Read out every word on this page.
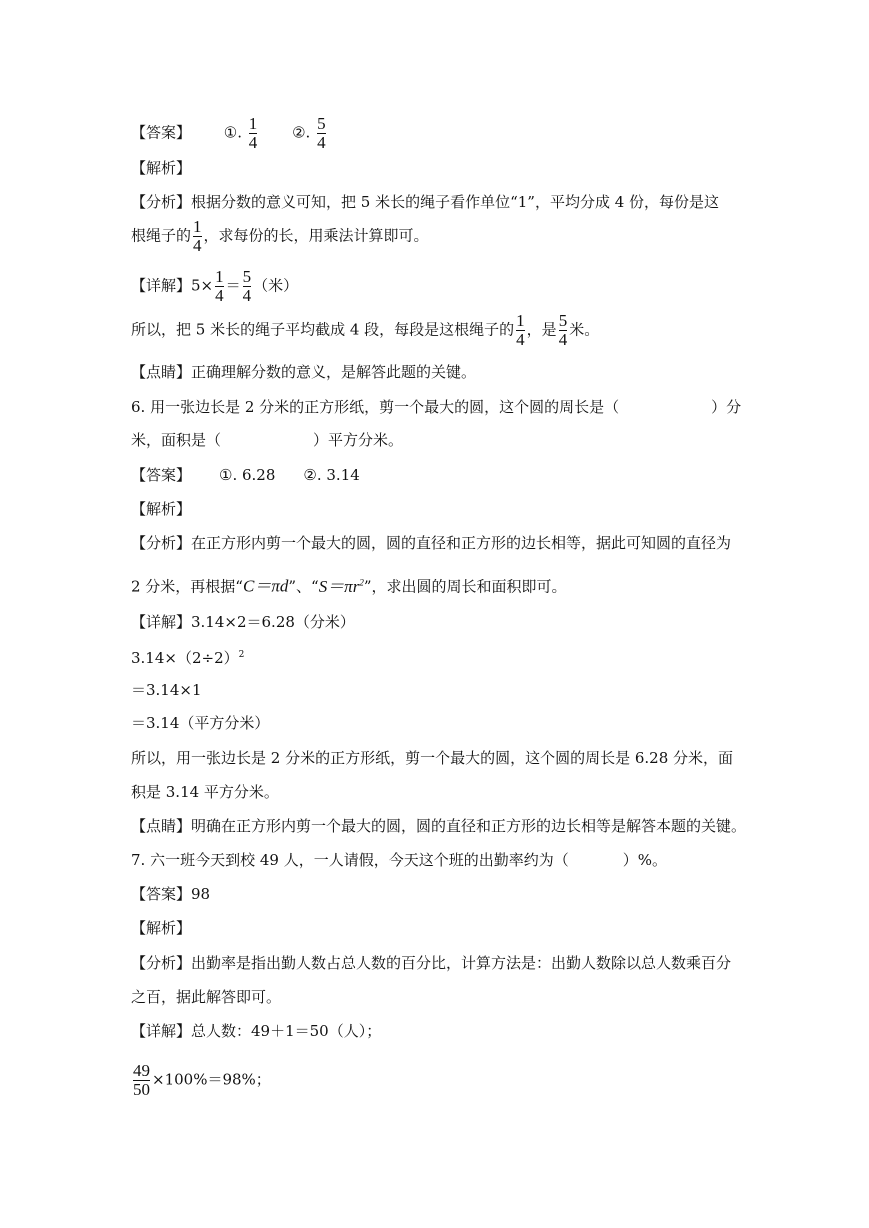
【答案】 ①. $\frac{1}{4}$ ②. $\frac{5}{4}$
【解析】
【分析】根据分数的意义可知，把 5 米长的绳子看作单位“1”，平均分成 4 份，每份是这
根绳子的 $\frac{1}{4}$ ，求每份的长，用乘法计算即可。
【详解】$5\times \frac{1}{4} = \frac{5}{4}$ （米）
所以，把 5 米长的绳子平均截成 4 段，每段是这根绳子的 $\frac{1}{4}$ ，是 $\frac{5}{4}$ 米。
【点睛】正确理解分数的意义，是解答此题的关键。
6. 用一张边长是 2 分米的正方形纸，剪一个最大的圆，这个圆的周长是（	）分
米，面积是（	）平方分米。
【答案】 ①. 6.28 ②. 3.14
【解析】
【分析】在正方形内剪一个最大的圆，圆的直径和正方形的边长相等，据此可知圆的直径为
2 分米，再根据“C＝πd”、“$S=\pi r^2$”，求出圆的周长和面积即可。
【详解】3.14×2＝6.28（分米）
$3.14\times(2\div 2)^2$
＝3.14×1
＝3.14（平方分米）
所以，用一张边长是 2 分米的正方形纸，剪一个最大的圆，这个圆的周长是 6.28 分米，面
积是 3.14 平方分米。
【点睛】明确在正方形内剪一个最大的圆，圆的直径和正方形的边长相等是解答本题的关键。
7. 六一班今天到校 49 人，一人请假，今天这个班的出勤率约为（	）%。
【答案】98
【解析】
【分析】出勤率是指出勤人数占总人数的百分比，计算方法是：出勤人数除以总人数乘百分
之百，据此解答即可。
【详解】总人数：49＋1＝50（人）；
$\frac{49}{50} \times 100\%=98\%$；
